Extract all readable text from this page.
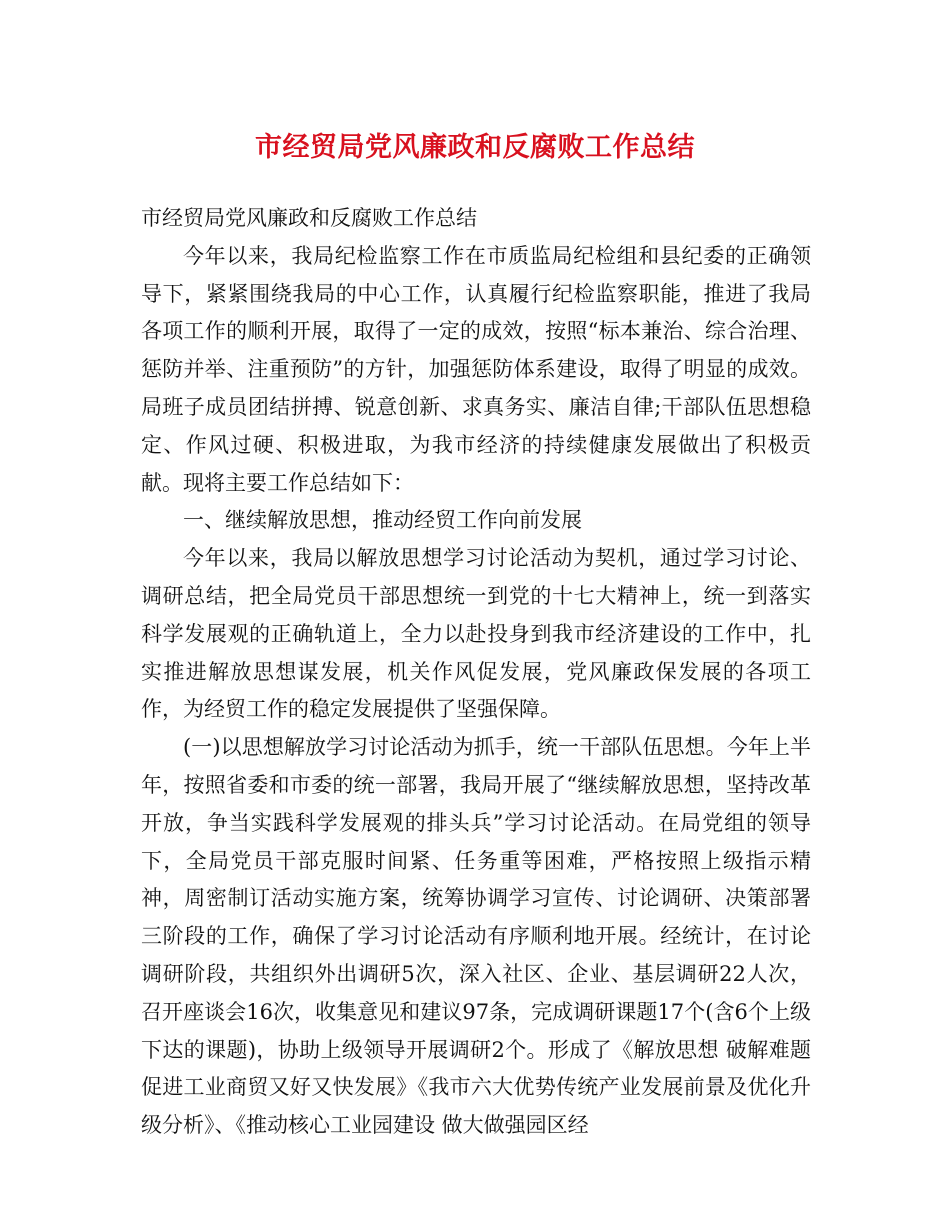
市经贸局党风廉政和反腐败工作总结

市经贸局党风廉政和反腐败工作总结

今年以来，我局纪检监察工作在市质监局纪检组和县纪委的正确领导下，紧紧围绕我局的中心工作，认真履行纪检监察职能，推进了我局各项工作的顺利开展，取得了一定的成效，按照“标本兼治、综合治理、惩防并举、注重预防”的方针，加强惩防体系建设，取得了明显的成效。局班子成员团结拼搏、锐意创新、求真务实、廉洁自律;干部队伍思想稳定、作风过硬、积极进取，为我市经济的持续健康发展做出了积极贡献。现将主要工作总结如下：

一、继续解放思想，推动经贸工作向前发展

今年以来，我局以解放思想学习讨论活动为契机，通过学习讨论、调研总结，把全局党员干部思想统一到党的十七大精神上，统一到落实科学发展观的正确轨道上，全力以赴投身到我市经济建设的工作中，扎实推进解放思想谋发展，机关作风促发展，党风廉政保发展的各项工作，为经贸工作的稳定发展提供了坚强保障。

(一)以思想解放学习讨论活动为抓手，统一干部队伍思想。今年上半年，按照省委和市委的统一部署，我局开展了“继续解放思想，坚持改革开放，争当实践科学发展观的排头兵”学习讨论活动。在局党组的领导下，全局党员干部克服时间紧、任务重等困难，严格按照上级指示精神，周密制订活动实施方案，统筹协调学习宣传、讨论调研、决策部署三阶段的工作，确保了学习讨论活动有序顺利地开展。经统计，在讨论调研阶段，共组织外出调研5次，深入社区、企业、基层调研22人次，召开座谈会16次，收集意见和建议97条，完成调研课题17个(含6个上级下达的课题)，协助上级领导开展调研2个。形成了《解放思想 破解难题 促进工业商贸又好又快发展》《我市六大优势传统产业发展前景及优化升级分析》、《推动核心工业园建设 做大做强园区经
